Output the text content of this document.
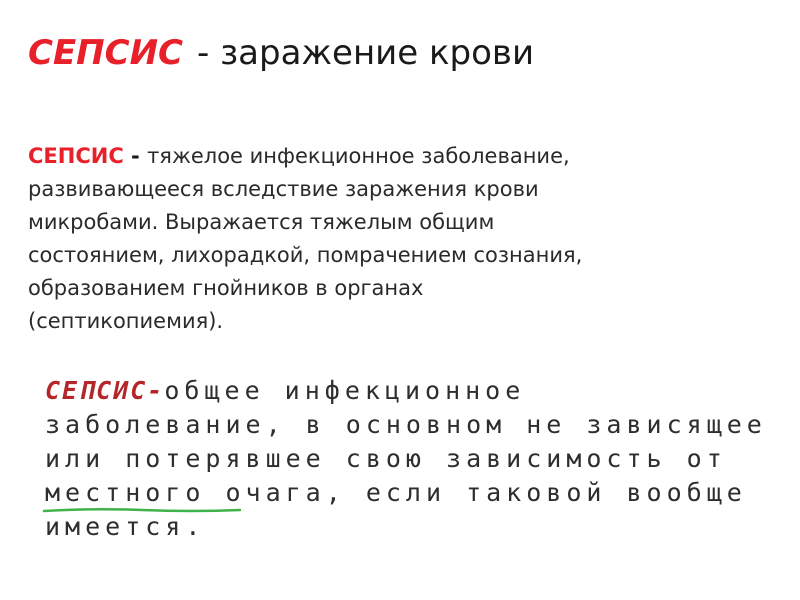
СЕПСИС - заражение крови
СЕПСИС - тяжелое инфекционное заболевание,
развивающееся вследствие заражения крови
микробами. Выражается тяжелым общим
состоянием, лихорадкой, помрачением сознания,
образованием гнойников в органах
(септикопиемия).
СЕПСИС-общее инфекционное
заболевание, в основном не зависящее
или потерявшее свою зависимость от
местного очага, если таковой вообще
имеется.
